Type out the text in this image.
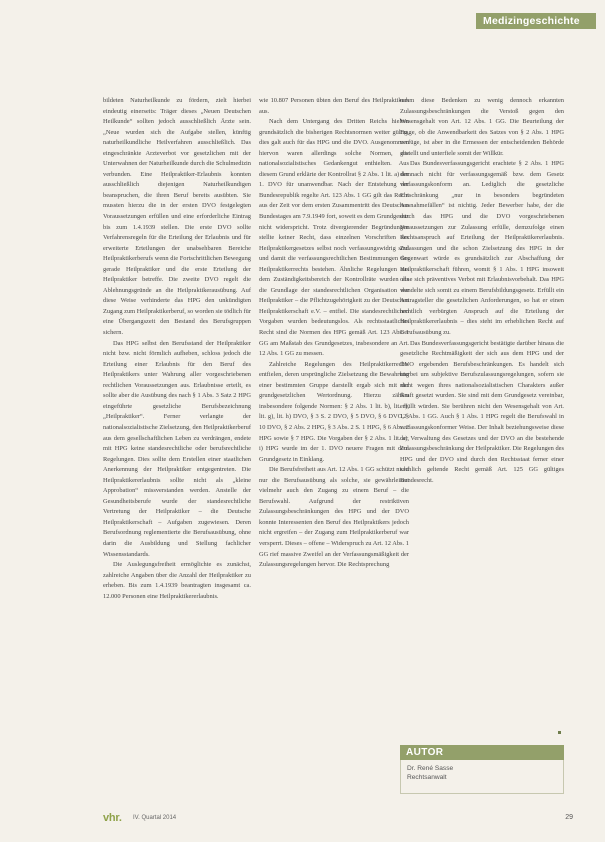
Medizingeschichte

bildeten Naturheilkunde zu fördern, zielt hierbei eindeutig einerseits: Träger dieses „Neuen Deutschen Heilkunde“ sollten jedoch ausschließlich Ärzte sein. „Neue wurden sich die Aufgabe stellen, künftig naturheilkundliche Heilverfahren ausschließlich. Das eingeschränkte Arzteverbot vor gesetzlichen mit der Unterwahnen der Naturheilkunde durch die Schulmedizin verbunden. Eine Heilpraktiker-Erlaubnis konnten ausschließlich diejenigen Naturheilkundigen beanspruchen, die ihren Beruf bereits ausübten. Sie mussten hierzu die in der ersten DVO festgelegten Voraussetzungen erfüllen und eine erforderliche Eintrag bis zum 1.4.1939 stellen. Die erste DVO sollte Verfahrensregeln für die Erteilung der Erlaubnis und für erweiterte Erteilungen der unabsehbaren Bereiche Heilpraktikerberufs wenn die Fortschrittlichen Bewegung gerade Heilpraktiker und die erste Erteilung der Heilpraktiker betreffe. Die zweite DVO regelt die Ablehnungsgründe an die Heilpraktikerausübung. Auf diese Weise verhinderte das HPG den unkündigten Zugang zum Heilpraktikerberuf, so worden sie tödlich für eine Übergangszeit den Bestand des Berufsgruppen sichern.

Das HPG selbst den Berufsstand der Heilpraktiker nicht bzw. nicht förmlich aufheben, schloss jedoch die Erteilung einer Erlaubnis für den Beruf des Heilpraktikers unter Wahrung aller vorgeschriebenen rechtlichen Voraussetzungen aus. Erlaubnisse erteilt, es sollte aber die Ausübung des nach § 1 Abs. 3 Satz 2 HPG eingeführte gesetzliche Berufsbezeichnung „Heilpraktiker“. Ferner verlangte der nationalsozialistische Zielsetzung, den Heilpraktikerberuf aus dem gesellschaftlichen Leben zu verdrängen, endete mit HPG keine standesrechtliche oder berufsrechtliche Regelungen. Dies sollte dem Erstellen einer staatlichen Anerkennung der Heilpraktiker entgegentreten. Die Heilpraktikererlaubnis sollte nicht als „kleine Approbation“ missverstanden werden. Anstelle der Gesundheitsberufe wurde der standesrechtliche Vertretung der Heilpraktiker – die Deutsche Heilpraktikerschaft – Aufgaben zugewiesen. Deren Berufsordnung reglementierte die Berufsausübung, ohne darin die Ausbildung und Stellung fachlicher Wissensstandards.

Die Auslegungsfreiheit ermöglichte es zunächst, zahlreiche Angaben über die Anzahl der Heilpraktiker zu erheben. Bis zum 1.4.1939 beantragten insgesamt ca. 12.000 Personen eine Heilpraktikererlaubnis.

wie 10.807 Personen übten den Beruf des Heilpraktikers aus.

Nach dem Untergang des Dritten Reichs hielten grundsätzlich die bisherigen Rechtsnormen weiter gültig, dies galt auch für das HPG und die DVO. Ausgenommen hiervon waren allerdings solche Normen, die nationalsozialistisches Gedankengut enthielten. Aus diesem Grund erklärte der Kontrollrat § 2 Abs. 1 lit. a) der 1. DVO für unanwendbar. Nach der Entstehung der Bundesrepublik regelte Art. 123 Abs. 1 GG gilt das Recht aus der Zeit vor dem ersten Zusammentritt des Deutschen Bundestages am 7.9.1949 fort, soweit es dem Grundgesetz nicht widerspricht. Trotz divergierender Begründungen stellte keiner Recht, dass einzelnen Vorschriften des Heilpraktikergesetzes selbst noch verfassungswidrig sind und damit die verfassungsrechtlichen Bestimmungen des Heilpraktikerrechts bestehen. Ähnliche Regelungen aus dem Zuständigkeitsbereich der Kontrollräte wurden als die Grundlage der standesrechtlichen Organisation der Heilpraktiker – die Pflichtzugehörigkeit zu der Deutschen Heilpraktikerschaft e.V. – entfiel. Die standesrechtlichen Vorgaben wurden bedeutungslos. Als rechtsstaatliches Recht sind die Normen des HPG gemäß Art. 123 Abs. 1 GG am Maßstab des Grundgesetzes, insbesondere an Art. 12 Abs. 1 GG zu messen.

Zahlreiche Regelungen des Heilpraktikerrechts entfielen, deren ursprüngliche Zielsetzung die Bewahrung einer bestimmten Gruppe darstellt ergab sich mit der grundgesetzlichen Wertordnung. Hierzu zählen insbesondere folgende Normen: § 2 Abs. 1 lit. b), lit. f), lit. g), lit. h) DVO, § 3 S. 2 DVO, § 5 DVO, § 6 DVO, § 10 DVO, § 2 Abs. 2 HPG, § 3 Abs. 2 S. 1 HPG, § 6 Abs. 2 HPG sowie § 7 HPG. Die Vorgaben der § 2 Abs. 1 lit. a), i) HPG wurde im der 1. DVO neuere Fragen mit dem Grundgesetz in Einklang.

Die Berufsfreiheit aus Art. 12 Abs. 1 GG schützt nicht nur die Berufsausübung als solche, sie gewährleistet vielmehr auch den Zugang zu einem Beruf – die Berufswahl. Aufgrund der restriktiven Zulassungsbeschränkungen des HPG und der DVO konnte Interessenten den Beruf des Heilpraktikers jedoch nicht ergreifen – der Zugang zum Heilpraktikerberuf war versperrt. Dieses – offene – Widerspruch zu Art. 12 Abs. 1 GG rief massive Zweifel an der Verfassungsmäßigkeit der Zulassungsregelungen hervor. Die Rechtsprechung

nahm diese Bedenken zu wenig dennoch erkannten Zulassungsbeschränkungen die Verstoß gegen den Wesensgehalt von Art. 12 Abs. 1 GG. Die Beurteilung der Frage, ob die Anwendbarkeit des Satzes von § 2 Abs. 1 HPG verfüge, ist aber in die Ermessen der entscheidenden Behörde gestellt und unterfiele somit der Willkür.

Das Bundesverfassungsgericht erachtete § 2 Abs. 1 HPG demnach nicht für verfassungsgemäß bzw. dem Gesetz verfassungskonform an. Lediglich die gesetzliche Einschränkung „nur in besonders begründeten Ausnahmefällen“ ist nichtig. Jeder Bewerber habe, der die durch das HPG und die DVO vorgeschriebenen Voraussetzungen zur Zulassung erfülle, demzufolge einen Rechtsanspruch auf Erteilung der Heilpraktikererlaubnis. Zulassungen und die schon Zielsetzung des HPG in der Gegenwart würde es grundsätzlich zur Abschaffung der Heilpraktikerschaft führen, womit § 1 Abs. 1 HPG insoweit ohne sich präventives Verbot mit Erlaubnisvorbehalt. Das HPG wandelte sich somit zu einem Berufsbildungsgesetz. Erfüllt ein Antragsteller die gesetzlichen Anforderungen, so hat er einen rechtlich verbürgten Anspruch auf die Erteilung der Heilpraktikererlaubnis – dies steht im erheblichen Recht auf Berufsausübung zu.

Das Bundesverfassungsgericht bestätigte darüber hinaus die gesetzliche Rechtmäßigkeit der sich aus dem HPG und der DVO ergebenden Berufsbeschränkungen. Es handelt sich hierbei um subjektive Berufszulassungsregelungen, sofern sie nicht wegen ihres nationalsozialistischen Charakters außer Kraft gesetzt wurden. Sie sind mit dem Grundgesetz vereinbar, erfüllt würden. Sie berühren nicht den Wesensgehalt von Art. 12 Abs. 1 GG. Auch § 1 Abs. 1 HPG regelt die Berufswahl in verfassungskonformer Weise. Der Inhalt beziehungsweise diese der Verwaltung des Gesetzes und der DVO an die bestehende Zulassungsbeschränkung der Heilpraktiker. Die Regelungen des HPG und der DVO sind durch den Rechtsstaat ferner einer sachlich geltende Recht gemäß Art. 125 GG gültiges Bundesrecht.

AUTOR
Dr. René Sasse
Rechtsanwalt
vhr. IV. Quartal 2014	29
